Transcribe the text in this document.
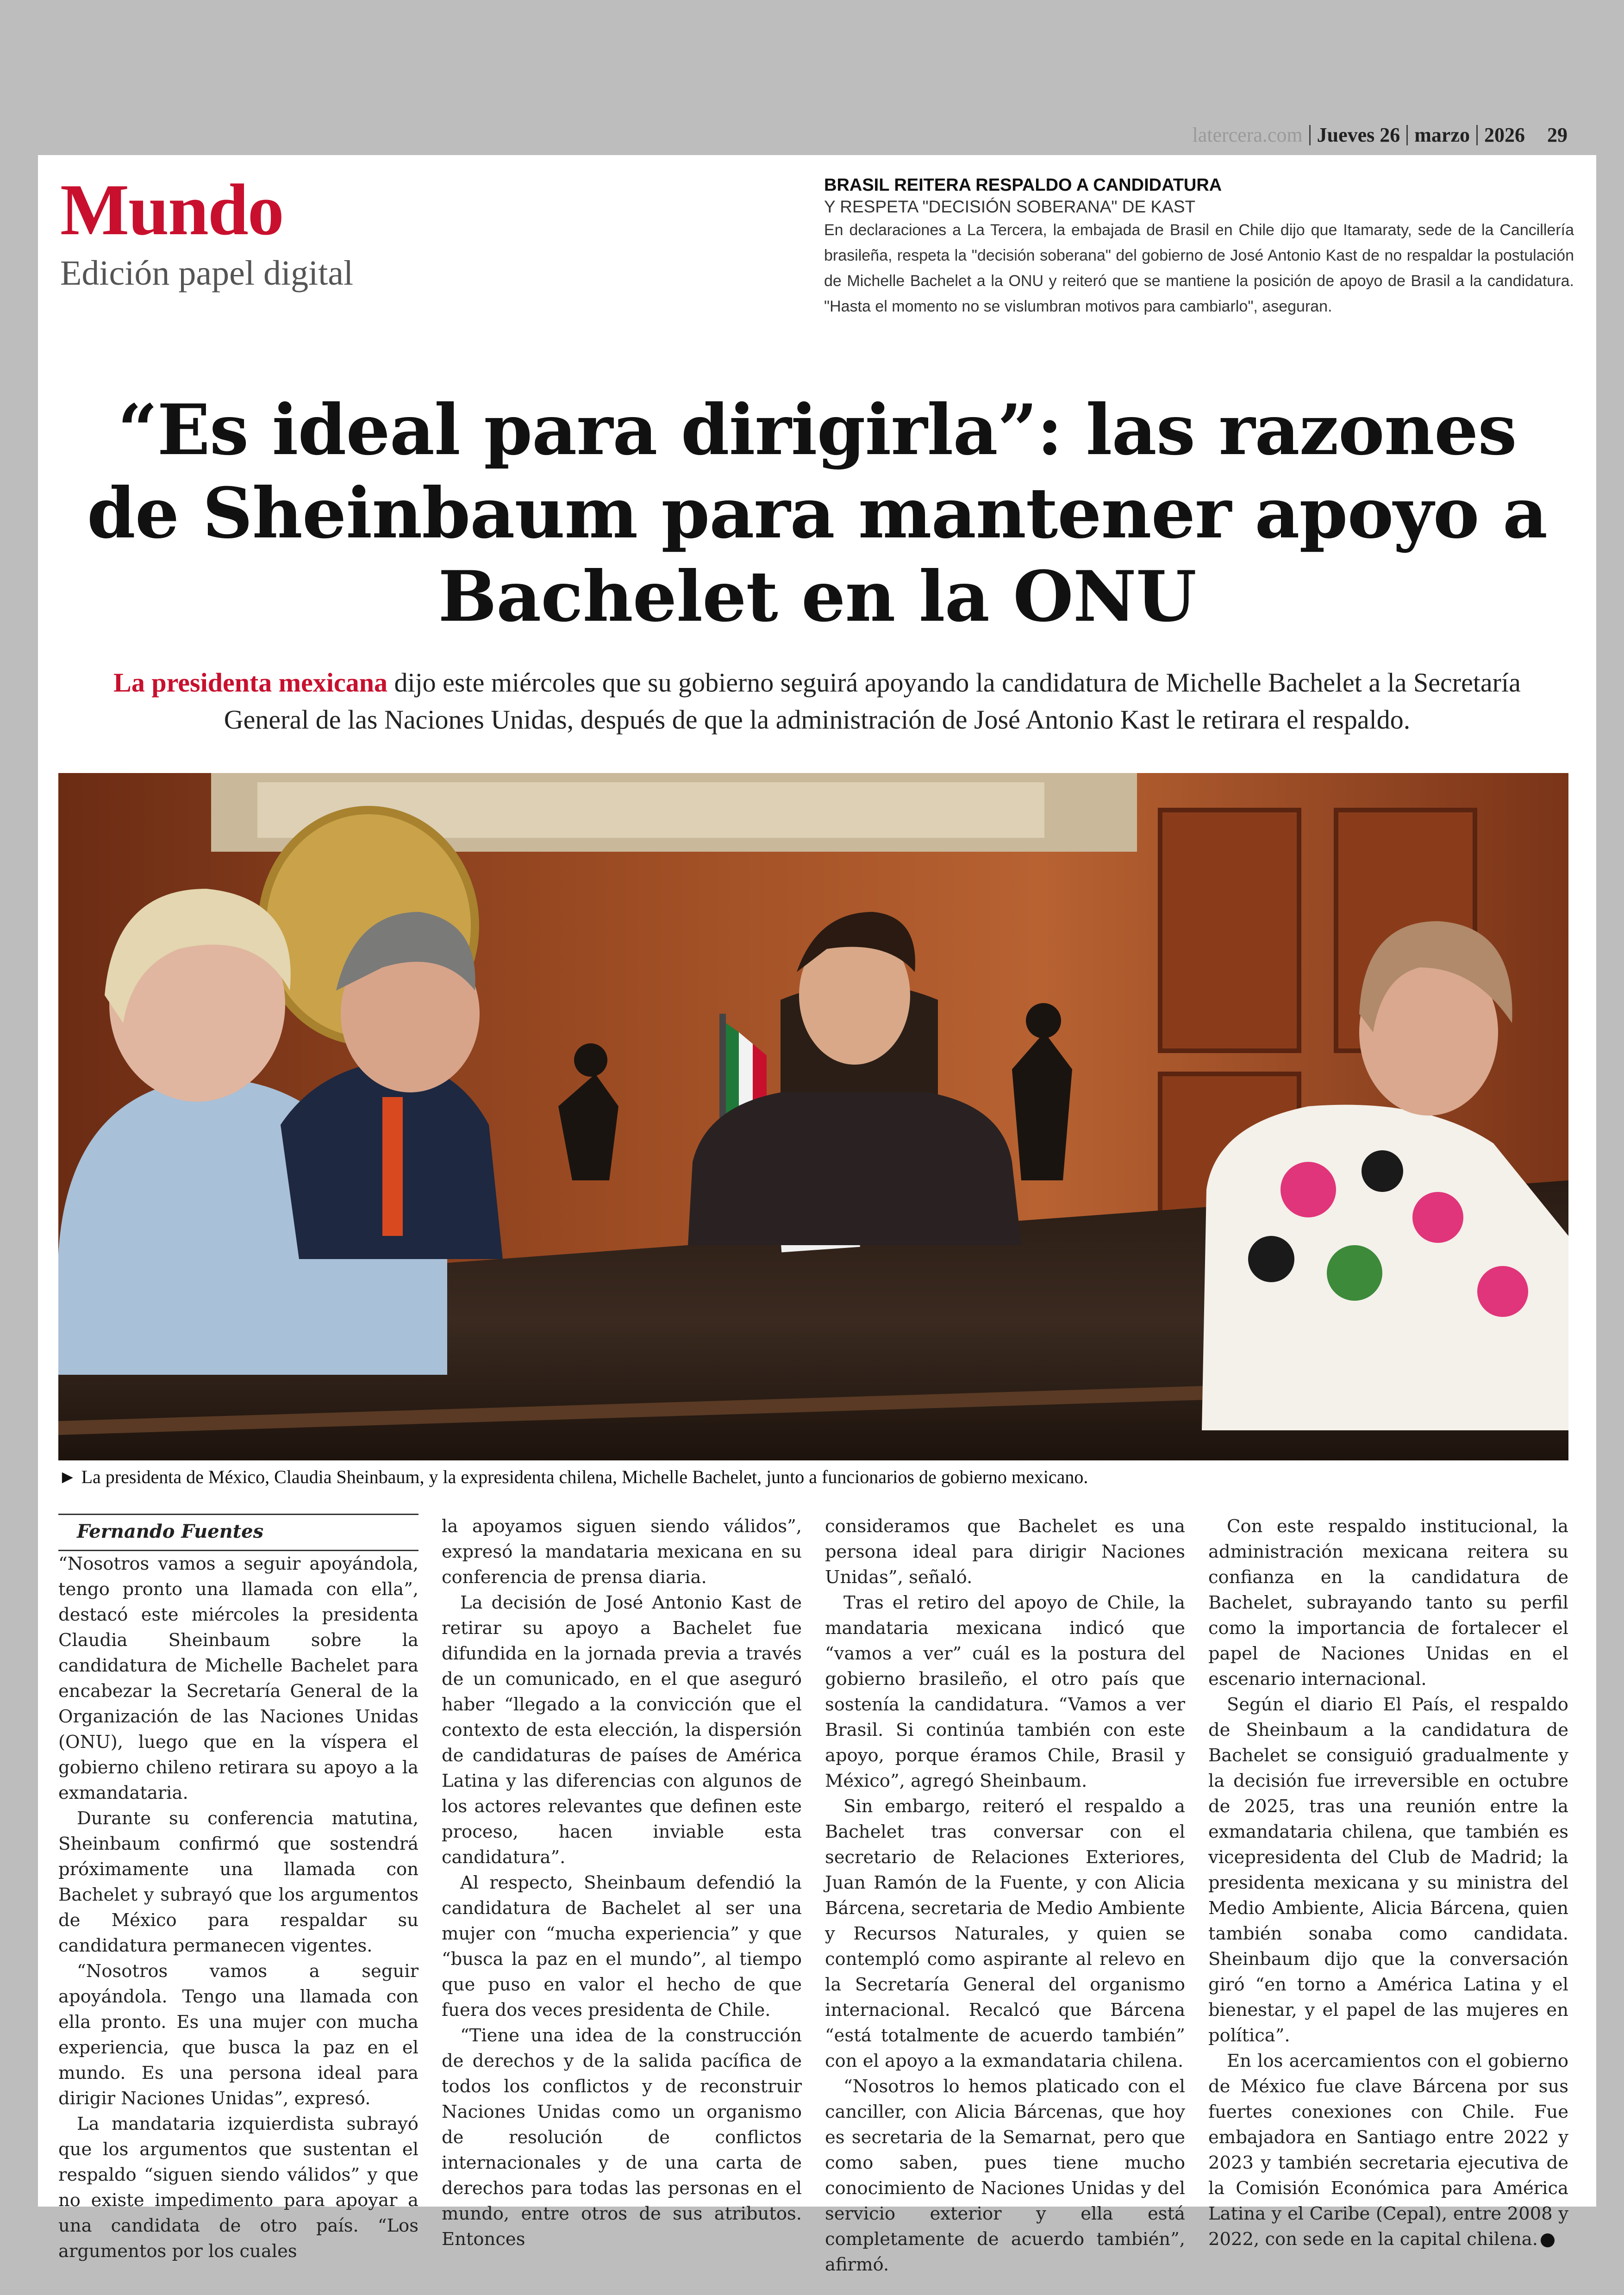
latercera.com Jueves 26 marzo 2026 29
Mundo
Edición papel digital
BRASIL REITERA RESPALDO A CANDIDATURA
Y RESPETA "DECISIÓN SOBERANA" DE KAST
En declaraciones a La Tercera, la embajada de Brasil en Chile dijo que Itamaraty, sede de la Cancillería brasileña, respeta la "decisión soberana" del gobierno de José Antonio Kast de no respaldar la postulación de Michelle Bachelet a la ONU y reiteró que se mantiene la posición de apoyo de Brasil a la candidatura. "Hasta el momento no se vislumbran motivos para cambiarlo", aseguran.
“Es ideal para dirigirla”: las razones de Sheinbaum para mantener apoyo a Bachelet en la ONU
La presidenta mexicana dijo este miércoles que su gobierno seguirá apoyando la candidatura de Michelle Bachelet a la Secretaría General de las Naciones Unidas, después de que la administración de José Antonio Kast le retirara el respaldo.
► La presidenta de México, Claudia Sheinbaum, y la expresidenta chilena, Michelle Bachelet, junto a funcionarios de gobierno mexicano.

Fernando Fuentes

“Nosotros vamos a seguir apoyándola, tengo pronto una llamada con ella”, destacó este miércoles la presidenta Claudia Sheinbaum sobre la candidatura de Michelle Bachelet para encabezar la Secretaría General de la Organización de las Naciones Unidas (ONU), luego que en la víspera el gobierno chileno retirara su apoyo a la exmandataria.

Durante su conferencia matutina, Sheinbaum confirmó que sostendrá próximamente una llamada con Bachelet y subrayó que los argumentos de México para respaldar su candidatura permanecen vigentes.

“Nosotros vamos a seguir apoyándola. Tengo una llamada con ella pronto. Es una mujer con mucha experiencia, que busca la paz en el mundo. Es una persona ideal para dirigir Naciones Unidas”, expresó.

La mandataria izquierdista subrayó que los argumentos que sustentan el respaldo “siguen siendo válidos” y que no existe impedimento para apoyar a una candidata de otro país. “Los argumentos por los cuales

la apoyamos siguen siendo válidos”, expresó la mandataria mexicana en su conferencia de prensa diaria.

La decisión de José Antonio Kast de retirar su apoyo a Bachelet fue difundida en la jornada previa a través de un comunicado, en el que aseguró haber “llegado a la convicción que el contexto de esta elección, la dispersión de candidaturas de países de América Latina y las diferencias con algunos de los actores relevantes que definen este proceso, hacen inviable esta candidatura”.

Al respecto, Sheinbaum defendió la candidatura de Bachelet al ser una mujer con “mucha experiencia” y que “busca la paz en el mundo”, al tiempo que puso en valor el hecho de que fuera dos veces presidenta de Chile.

“Tiene una idea de la construcción de derechos y de la salida pacífica de todos los conflictos y de reconstruir Naciones Unidas como un organismo de resolución de conflictos internacionales y de una carta de derechos para todas las personas en el mundo, entre otros de sus atributos. Entonces

consideramos que Bachelet es una persona ideal para dirigir Naciones Unidas”, señaló.

Tras el retiro del apoyo de Chile, la mandataria mexicana indicó que “vamos a ver” cuál es la postura del gobierno brasileño, el otro país que sostenía la candidatura. “Vamos a ver Brasil. Si continúa también con este apoyo, porque éramos Chile, Brasil y México”, agregó Sheinbaum.

Sin embargo, reiteró el respaldo a Bachelet tras conversar con el secretario de Relaciones Exteriores, Juan Ramón de la Fuente, y con Alicia Bárcena, secretaria de Medio Ambiente y Recursos Naturales, y quien se contempló como aspirante al relevo en la Secretaría General del organismo internacional. Recalcó que Bárcena “está totalmente de acuerdo también” con el apoyo a la exmandataria chilena.

“Nosotros lo hemos platicado con el canciller, con Alicia Bárcenas, que hoy es secretaria de la Semarnat, pero que como saben, pues tiene mucho conocimiento de Naciones Unidas y del servicio exterior y ella está completamente de acuerdo también”, afirmó.

Con este respaldo institucional, la administración mexicana reitera su confianza en la candidatura de Bachelet, subrayando tanto su perfil como la importancia de fortalecer el papel de Naciones Unidas en el escenario internacional.

Según el diario El País, el respaldo de Sheinbaum a la candidatura de Bachelet se consiguió gradualmente y la decisión fue irreversible en octubre de 2025, tras una reunión entre la exmandataria chilena, que también es vicepresidenta del Club de Madrid; la presidenta mexicana y su ministra del Medio Ambiente, Alicia Bárcena, quien también sonaba como candidata. Sheinbaum dijo que la conversación giró “en torno a América Latina y el bienestar, y el papel de las mujeres en política”.

En los acercamientos con el gobierno de México fue clave Bárcena por sus fuertes conexiones con Chile. Fue embajadora en Santiago entre 2022 y 2023 y también secretaria ejecutiva de la Comisión Económica para América Latina y el Caribe (Cepal), entre 2008 y 2022, con sede en la capital chilena.
